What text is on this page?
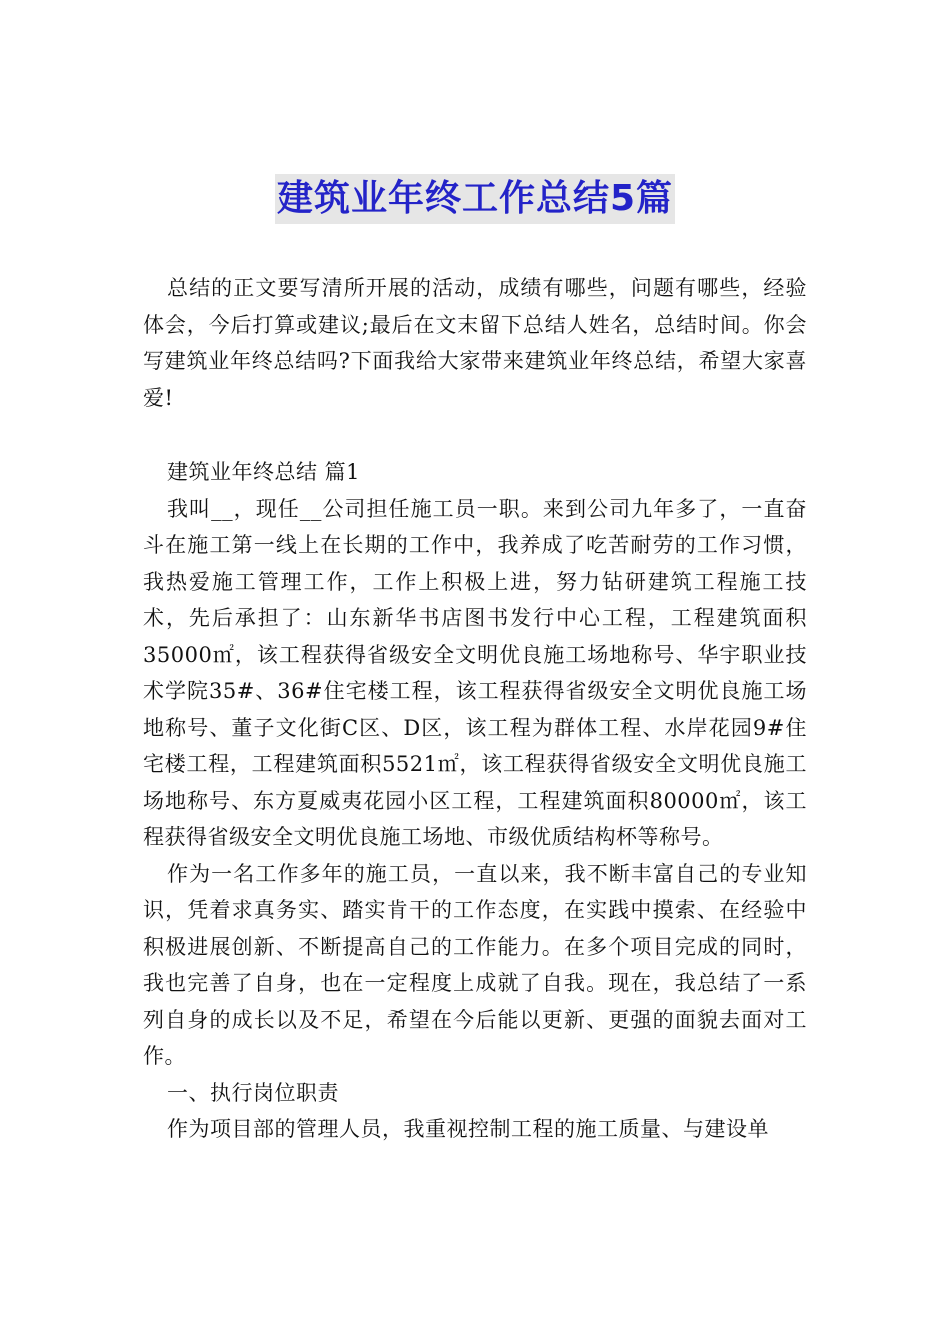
建筑业年终工作总结5篇

总结的正文要写清所开展的活动，成绩有哪些，问题有哪些，经验体会，今后打算或建议;最后在文末留下总结人姓名，总结时间。你会写建筑业年终总结吗?下面我给大家带来建筑业年终总结，希望大家喜爱!

建筑业年终总结 篇1

我叫__，现任__公司担任施工员一职。来到公司九年多了，一直奋斗在施工第一线上在长期的工作中，我养成了吃苦耐劳的工作习惯，我热爱施工管理工作，工作上积极上进，努力钻研建筑工程施工技术，先后承担了：山东新华书店图书发行中心工程，工程建筑面积35000㎡，该工程获得省级安全文明优良施工场地称号、华宇职业技术学院35#、36#住宅楼工程，该工程获得省级安全文明优良施工场地称号、董子文化街C区、D区，该工程为群体工程、水岸花园9#住宅楼工程，工程建筑面积5521㎡，该工程获得省级安全文明优良施工场地称号、东方夏威夷花园小区工程，工程建筑面积80000㎡，该工程获得省级安全文明优良施工场地、市级优质结构杯等称号。

作为一名工作多年的施工员，一直以来，我不断丰富自己的专业知识，凭着求真务实、踏实肯干的工作态度，在实践中摸索、在经验中积极进展创新、不断提高自己的工作能力。在多个项目完成的同时，我也完善了自身，也在一定程度上成就了自我。现在，我总结了一系列自身的成长以及不足，希望在今后能以更新、更强的面貌去面对工作。

一、执行岗位职责

作为项目部的管理人员，我重视控制工程的施工质量、与建设单
